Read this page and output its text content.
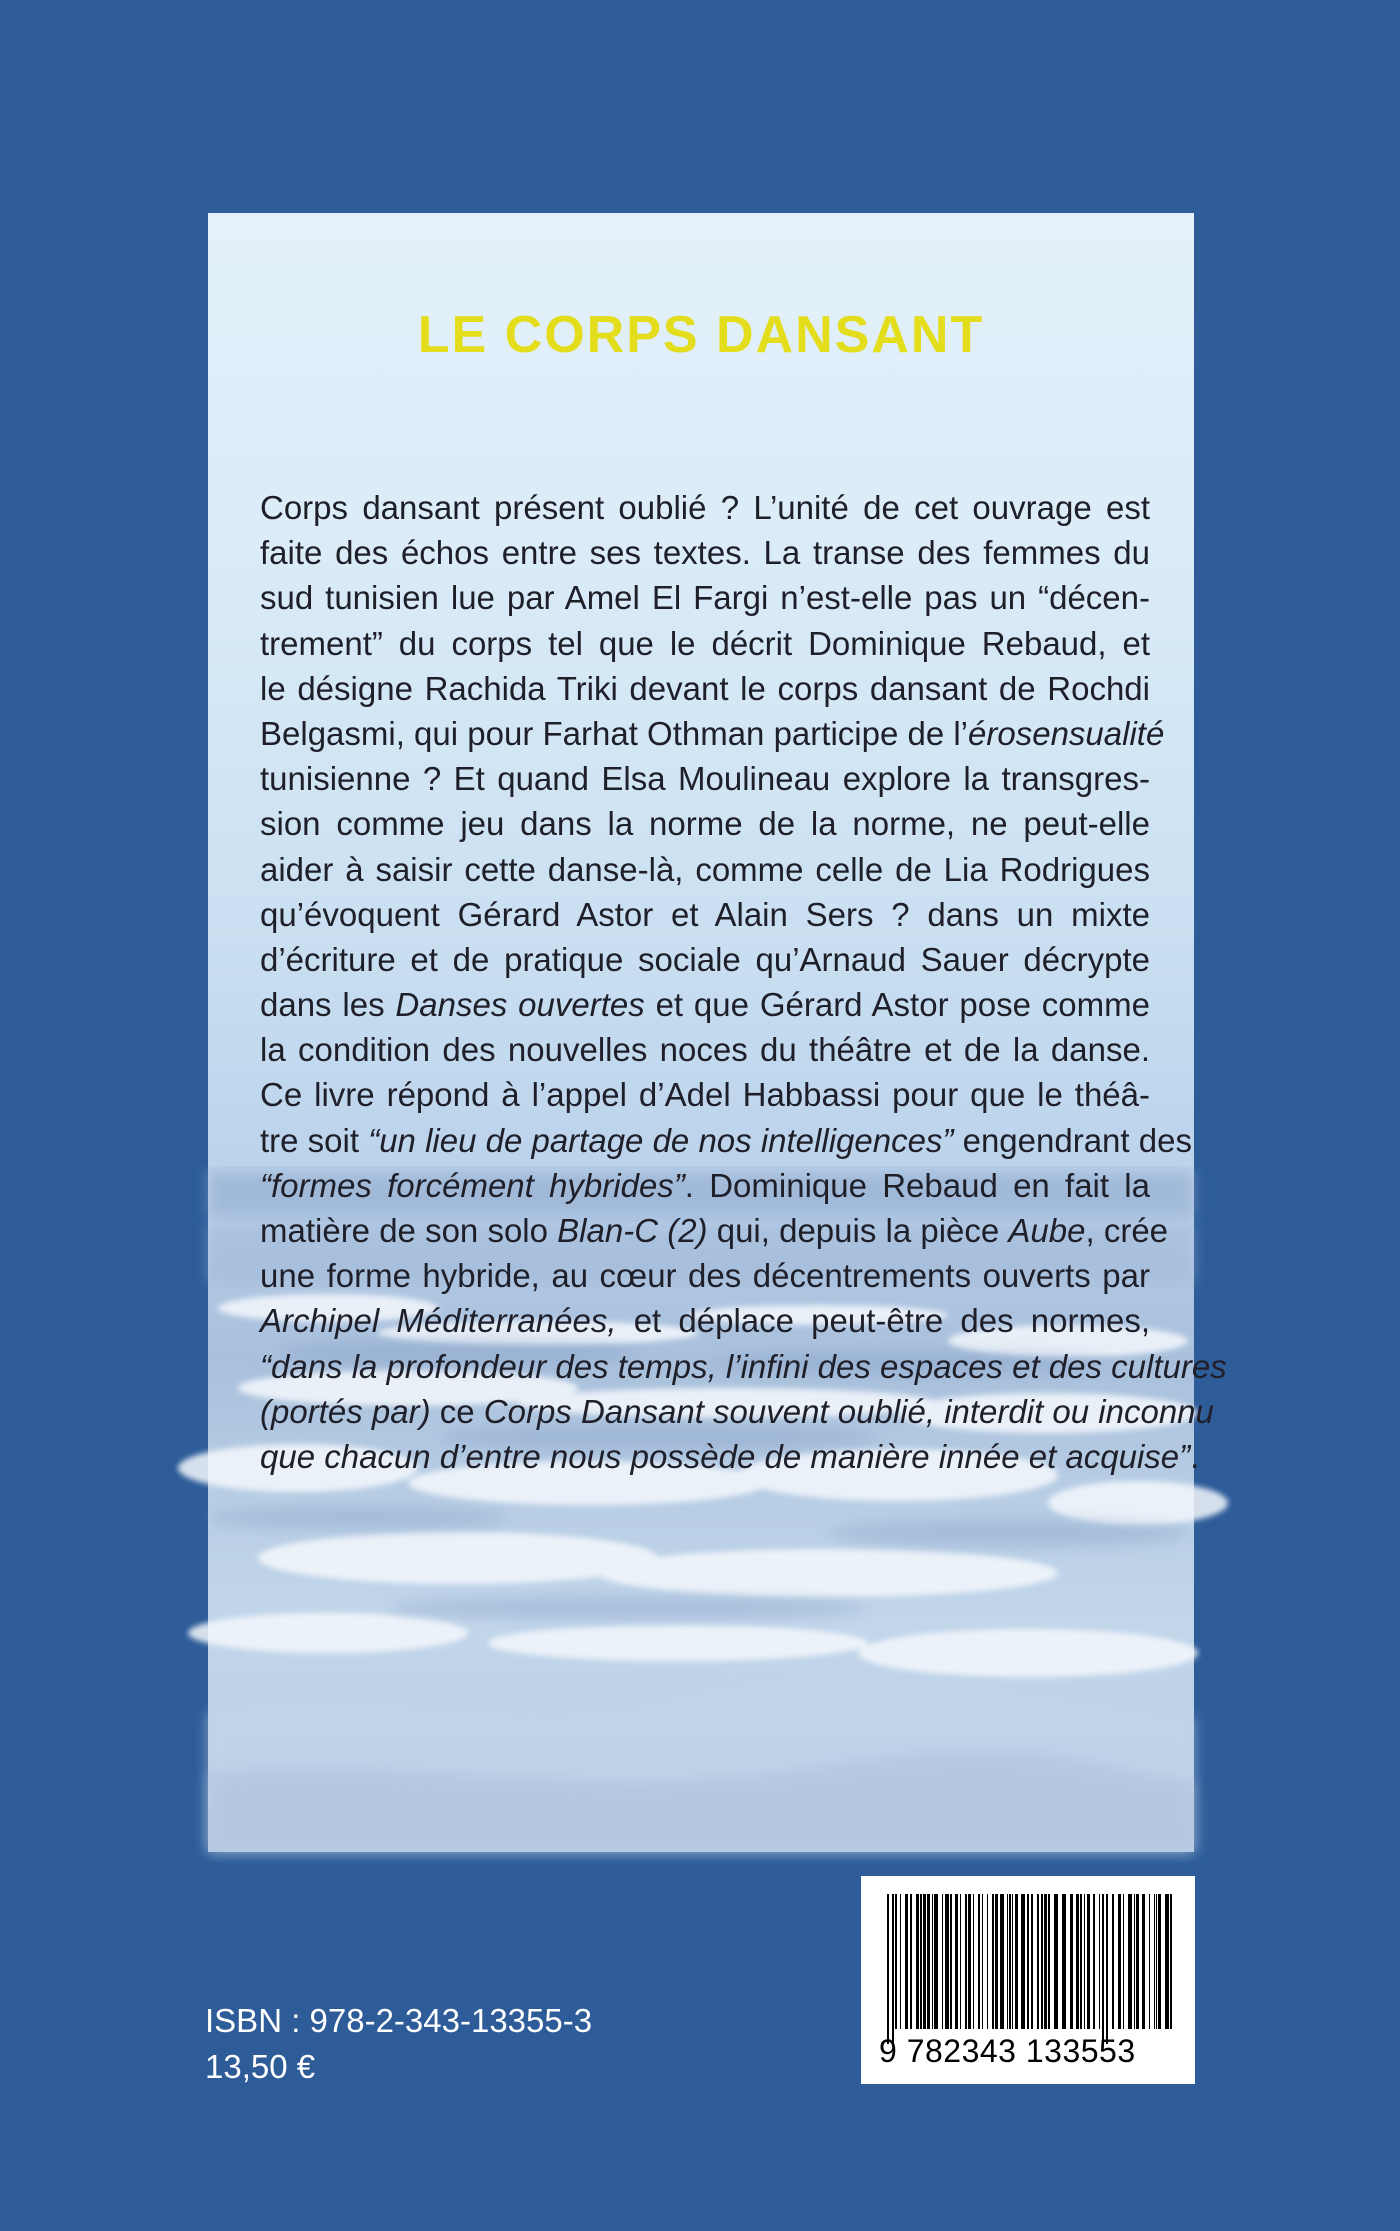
LE CORPS DANSANT
Corps dansant présent oublié ? L’unité de cet ouvrage est
faite des échos entre ses textes. La transe des femmes du
sud tunisien lue par Amel El Fargi n’est-elle pas un “décen-
trement” du corps tel que le décrit Dominique Rebaud, et
le désigne Rachida Triki devant le corps dansant de Rochdi
Belgasmi, qui pour Farhat Othman participe de l’érosensualité
tunisienne ? Et quand Elsa Moulineau explore la transgres-
sion comme jeu dans la norme de la norme, ne peut-elle
aider à saisir cette danse-là, comme celle de Lia Rodrigues
qu’évoquent Gérard Astor et Alain Sers ? dans un mixte
d’écriture et de pratique sociale qu’Arnaud Sauer décrypte
dans les Danses ouvertes et que Gérard Astor pose comme
la condition des nouvelles noces du théâtre et de la danse.
Ce livre répond à l’appel d’Adel Habbassi pour que le théâ-
tre soit “un lieu de partage de nos intelligences” engendrant des
“formes forcément hybrides”. Dominique Rebaud en fait la
matière de son solo Blan-C (2) qui, depuis la pièce Aube, crée
une forme hybride, au cœur des décentrements ouverts par
Archipel Méditerranées, et déplace peut-être des normes,
“dans la profondeur des temps, l’infini des espaces et des cultures
(portés par) ce Corps Dansant souvent oublié, interdit ou inconnu
que chacun d’entre nous possède de manière innée et acquise”.

ISBN : 978-2-343-13355-3

13,50 €	9 782343 133553
